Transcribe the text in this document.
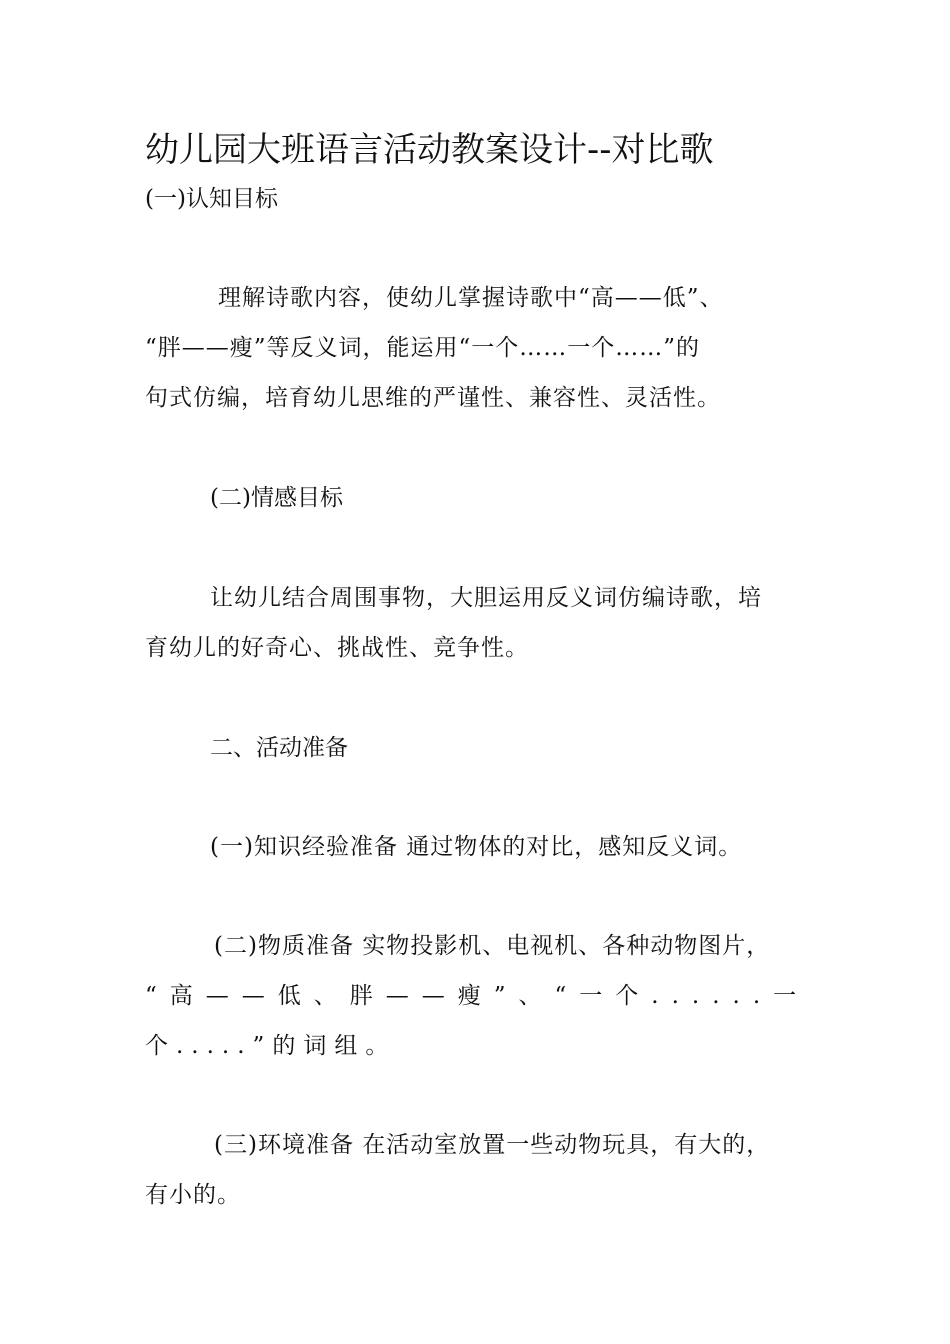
幼儿园大班语言活动教案设计--对比歌
(一)认知目标
理解诗歌内容，使幼儿掌握诗歌中“高——低”、
“胖——瘦”等反义词，能运用“一个……一个……”的
句式仿编，培育幼儿思维的严谨性、兼容性、灵活性。
(二)情感目标
让幼儿结合周围事物，大胆运用反义词仿编诗歌，培
育幼儿的好奇心、挑战性、竞争性。
二、活动准备
(一)知识经验准备 通过物体的对比，感知反义词。
(二)物质准备 实物投影机、电视机、各种动物图片，
“高——低、胖——瘦”、“一个......一
个.....”的词组。
(三)环境准备 在活动室放置一些动物玩具，有大的，
有小的。
